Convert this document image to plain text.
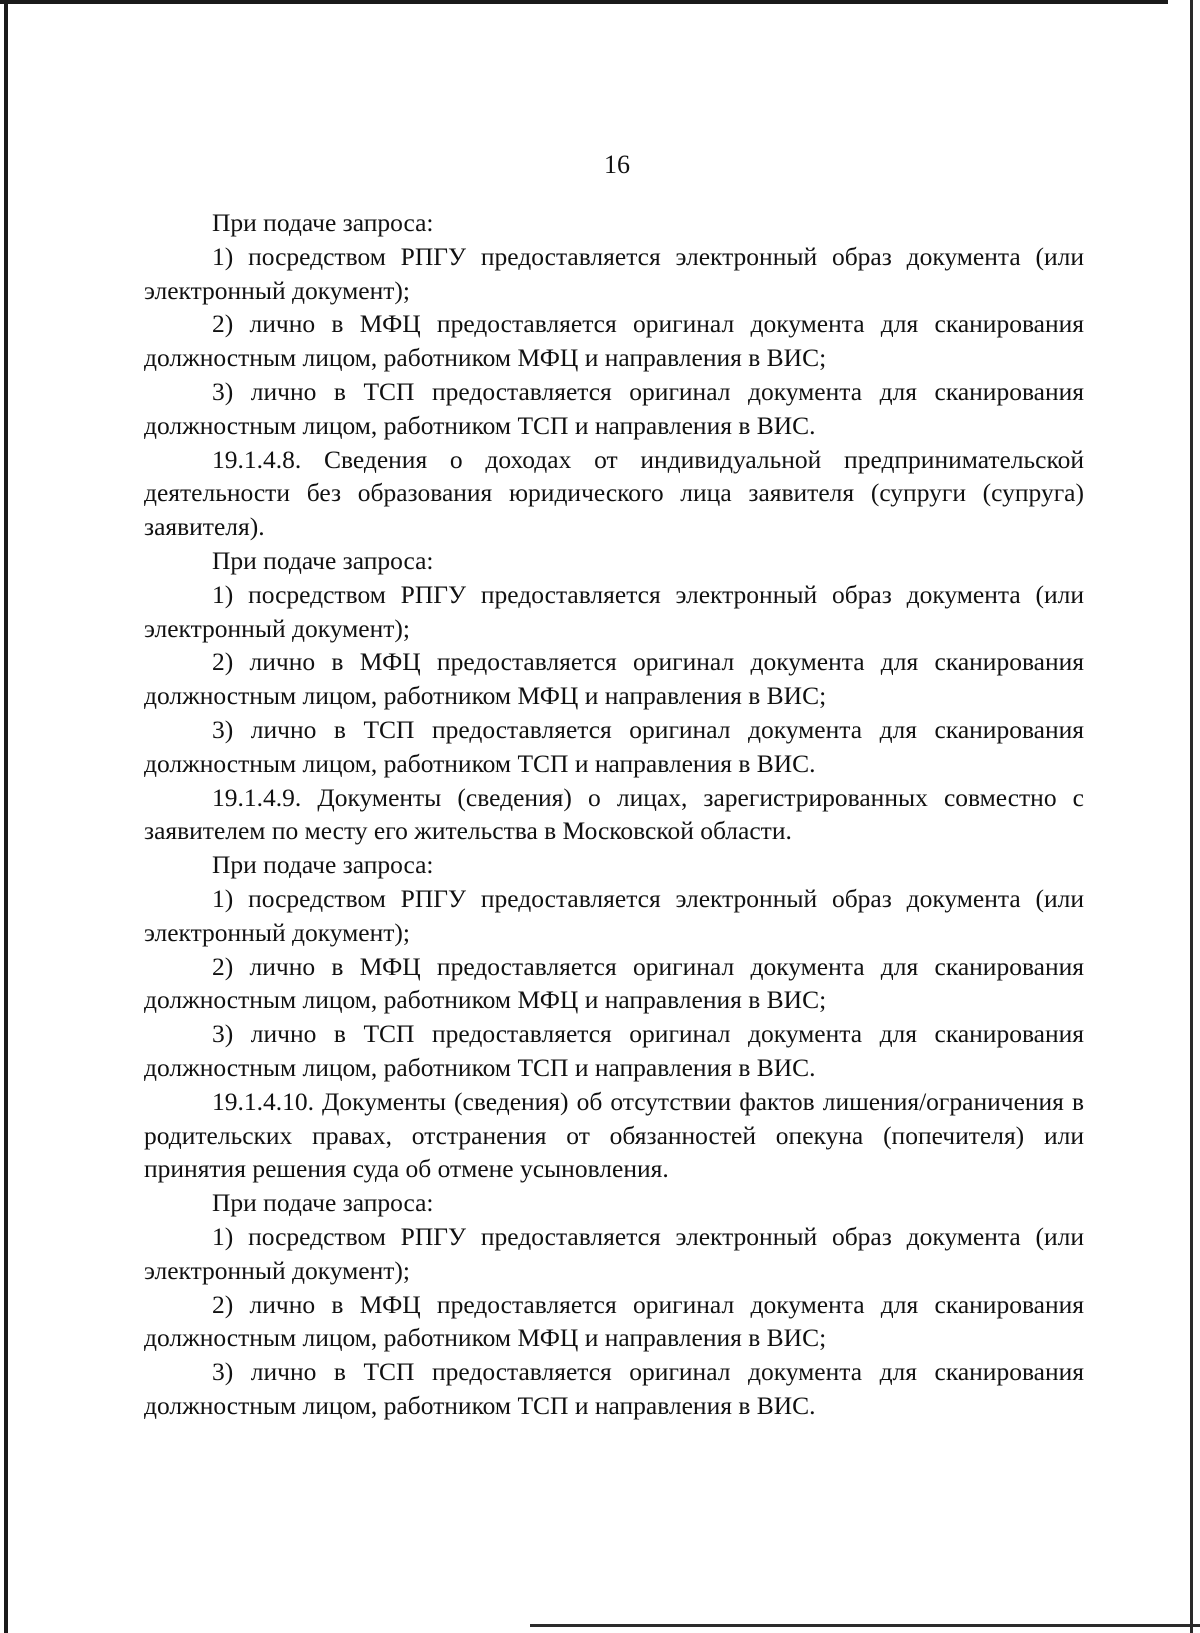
16

При подаче запроса:

1) посредством РПГУ предоставляется электронный образ документа (или электронный документ);

2) лично в МФЦ предоставляется оригинал документа для сканирования должностным лицом, работником МФЦ и направления в ВИС;

3) лично в ТСП предоставляется оригинал документа для сканирования должностным лицом, работником ТСП и направления в ВИС.

19.1.4.8. Сведения о доходах от индивидуальной предпринимательской деятельности без образования юридического лица заявителя (супруги (супруга) заявителя).

При подаче запроса:

1) посредством РПГУ предоставляется электронный образ документа (или электронный документ);

2) лично в МФЦ предоставляется оригинал документа для сканирования должностным лицом, работником МФЦ и направления в ВИС;

3) лично в ТСП предоставляется оригинал документа для сканирования должностным лицом, работником ТСП и направления в ВИС.

19.1.4.9. Документы (сведения) о лицах, зарегистрированных совместно с заявителем по месту его жительства в Московской области.

При подаче запроса:

1) посредством РПГУ предоставляется электронный образ документа (или электронный документ);

2) лично в МФЦ предоставляется оригинал документа для сканирования должностным лицом, работником МФЦ и направления в ВИС;

3) лично в ТСП предоставляется оригинал документа для сканирования должностным лицом, работником ТСП и направления в ВИС.

19.1.4.10. Документы (сведения) об отсутствии фактов лишения/ограничения в родительских правах, отстранения от обязанностей опекуна (попечителя) или принятия решения суда об отмене усыновления.

При подаче запроса:

1) посредством РПГУ предоставляется электронный образ документа (или электронный документ);

2) лично в МФЦ предоставляется оригинал документа для сканирования должностным лицом, работником МФЦ и направления в ВИС;

3) лично в ТСП предоставляется оригинал документа для сканирования должностным лицом, работником ТСП и направления в ВИС.
